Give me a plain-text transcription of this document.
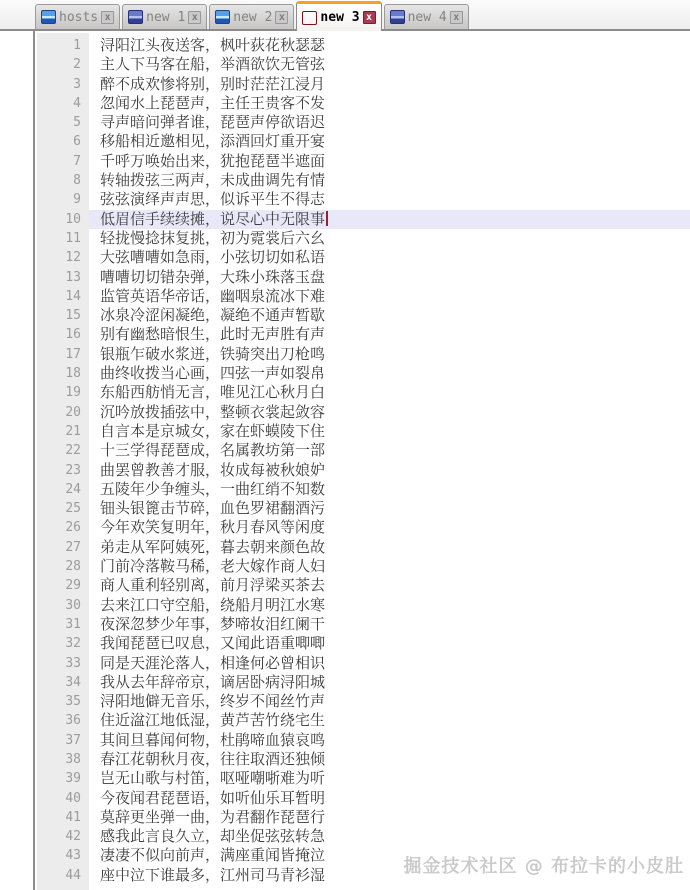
hosts x	new 1 x	new 2 x	new 3 x	new 4 x
1
2
3
4
5
6
7
8
9
10
11
12
13
14
15
16
17
18
19
20
21
22
23
24
25
26
27
28
29
30
31
32
33
34
35
36
37
38
39
40
41
42
43
44
浔阳江头夜送客，枫叶荻花秋瑟瑟
主人下马客在船，举酒欲饮无管弦
醉不成欢惨将别，别时茫茫江浸月
忽闻水上琵琶声，主任王贵客不发
寻声暗问弹者谁，琵琶声停欲语迟
移船相近邀相见，添酒回灯重开宴
千呼万唤始出来，犹抱琵琶半遮面
转轴拨弦三两声，未成曲调先有情
弦弦演绎声声思，似诉平生不得志
低眉信手续续摊，说尽心中无限事
轻拢慢捻抹复挑，初为霓裳后六幺
大弦嘈嘈如急雨，小弦切切如私语
嘈嘈切切错杂弹，大珠小珠落玉盘
监管英语华帝话，幽咽泉流冰下难
冰泉冷涩闲凝绝，凝绝不通声暂歇
别有幽愁暗恨生，此时无声胜有声
银瓶乍破水浆迸，铁骑突出刀枪鸣
曲终收拨当心画，四弦一声如裂帛
东船西舫悄无言，唯见江心秋月白
沉吟放拨插弦中，整顿衣裳起敛容
自言本是京城女，家在虾蟆陵下住
十三学得琵琶成，名属教坊第一部
曲罢曾教善才服，妆成每被秋娘妒
五陵年少争缠头，一曲红绡不知数
钿头银篦击节碎，血色罗裙翻酒污
今年欢笑复明年，秋月春风等闲度
弟走从军阿姨死，暮去朝来颜色故
门前冷落鞍马稀，老大嫁作商人妇
商人重利轻别离，前月浮梁买茶去
去来江口守空船，绕船月明江水寒
夜深忽梦少年事，梦啼妆泪红阑干
我闻琵琶已叹息，又闻此语重唧唧
同是天涯沦落人，相逢何必曾相识
我从去年辞帝京，谪居卧病浔阳城
浔阳地僻无音乐，终岁不闻丝竹声
住近湓江地低湿，黄芦苦竹绕宅生
其间旦暮闻何物，杜鹃啼血猿哀鸣
春江花朝秋月夜，往往取酒还独倾
岂无山歌与村笛，呕哑嘲哳难为听
今夜闻君琵琶语，如听仙乐耳暂明
莫辞更坐弹一曲，为君翻作琵琶行
感我此言良久立，却坐促弦弦转急
凄凄不似向前声，满座重闻皆掩泣
座中泣下谁最多，江州司马青衫湿	掘金技术社区 @ 布拉卡的小皮肚
